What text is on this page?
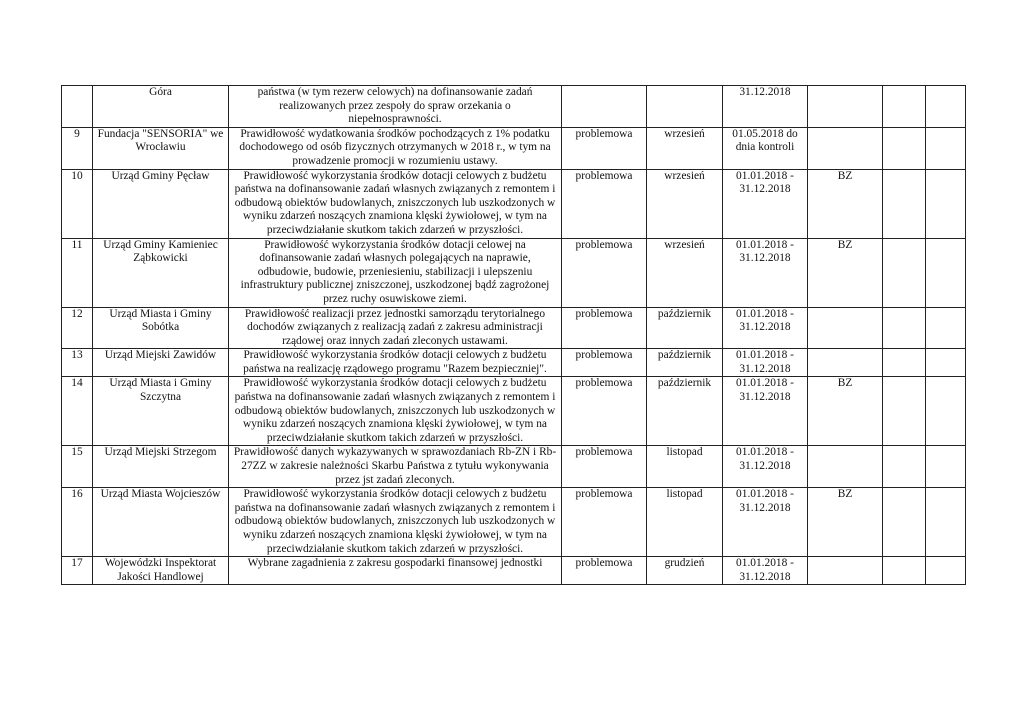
	Góra	państwa (w tym rezerw celowych) na dofinansowanie zadań realizowanych przez zespoły do spraw orzekania o niepełnosprawności.			31.12.2018			
9	Fundacja "SENSORIA" we Wrocławiu	Prawidłowość wydatkowania środków pochodzących z 1% podatku dochodowego od osób fizycznych otrzymanych w 2018 r., w tym na prowadzenie promocji w rozumieniu ustawy.	problemowa	wrzesień	01.05.2018 do dnia kontroli			
10	Urząd Gminy Pęcław	Prawidłowość wykorzystania środków dotacji celowych z budżetu państwa na dofinansowanie zadań własnych związanych z remontem i odbudową obiektów budowlanych, zniszczonych lub uszkodzonych w wyniku zdarzeń noszących znamiona klęski żywiołowej, w tym na przeciwdziałanie skutkom takich zdarzeń w przyszłości.	problemowa	wrzesień	01.01.2018 - 31.12.2018	BZ		
11	Urząd Gminy Kamieniec Ząbkowicki	Prawidłowość wykorzystania środków dotacji celowej na dofinansowanie zadań własnych polegających na naprawie, odbudowie, budowie, przeniesieniu, stabilizacji i ulepszeniu infrastruktury publicznej zniszczonej, uszkodzonej bądź zagrożonej przez ruchy osuwiskowe ziemi.	problemowa	wrzesień	01.01.2018 - 31.12.2018	BZ		
12	Urząd Miasta i Gminy Sobótka	Prawidłowość realizacji przez jednostki samorządu terytorialnego dochodów związanych z realizacją zadań z zakresu administracji rządowej oraz innych zadań zleconych ustawami.	problemowa	październik	01.01.2018 - 31.12.2018			
13	Urząd Miejski Zawidów	Prawidłowość wykorzystania środków dotacji celowych z budżetu państwa na realizację rządowego programu "Razem bezpieczniej".	problemowa	październik	01.01.2018 - 31.12.2018			
14	Urząd Miasta i Gminy Szczytna	Prawidłowość wykorzystania środków dotacji celowych z budżetu państwa na dofinansowanie zadań własnych związanych z remontem i odbudową obiektów budowlanych, zniszczonych lub uszkodzonych w wyniku zdarzeń noszących znamiona klęski żywiołowej, w tym na przeciwdziałanie skutkom takich zdarzeń w przyszłości.	problemowa	październik	01.01.2018 - 31.12.2018	BZ		
15	Urząd Miejski Strzegom	Prawidłowość danych wykazywanych w sprawozdaniach Rb-ZN i Rb-27ZZ w zakresie należności Skarbu Państwa z tytułu wykonywania przez jst zadań zleconych.	problemowa	listopad	01.01.2018 - 31.12.2018			
16	Urząd Miasta Wojcieszów	Prawidłowość wykorzystania środków dotacji celowych z budżetu państwa na dofinansowanie zadań własnych związanych z remontem i odbudową obiektów budowlanych, zniszczonych lub uszkodzonych w wyniku zdarzeń noszących znamiona klęski żywiołowej, w tym na przeciwdziałanie skutkom takich zdarzeń w przyszłości.	problemowa	listopad	01.01.2018 - 31.12.2018	BZ		
17	Wojewódzki Inspektorat Jakości Handlowej	Wybrane zagadnienia z zakresu gospodarki finansowej jednostki	problemowa	grudzień	01.01.2018 - 31.12.2018			
